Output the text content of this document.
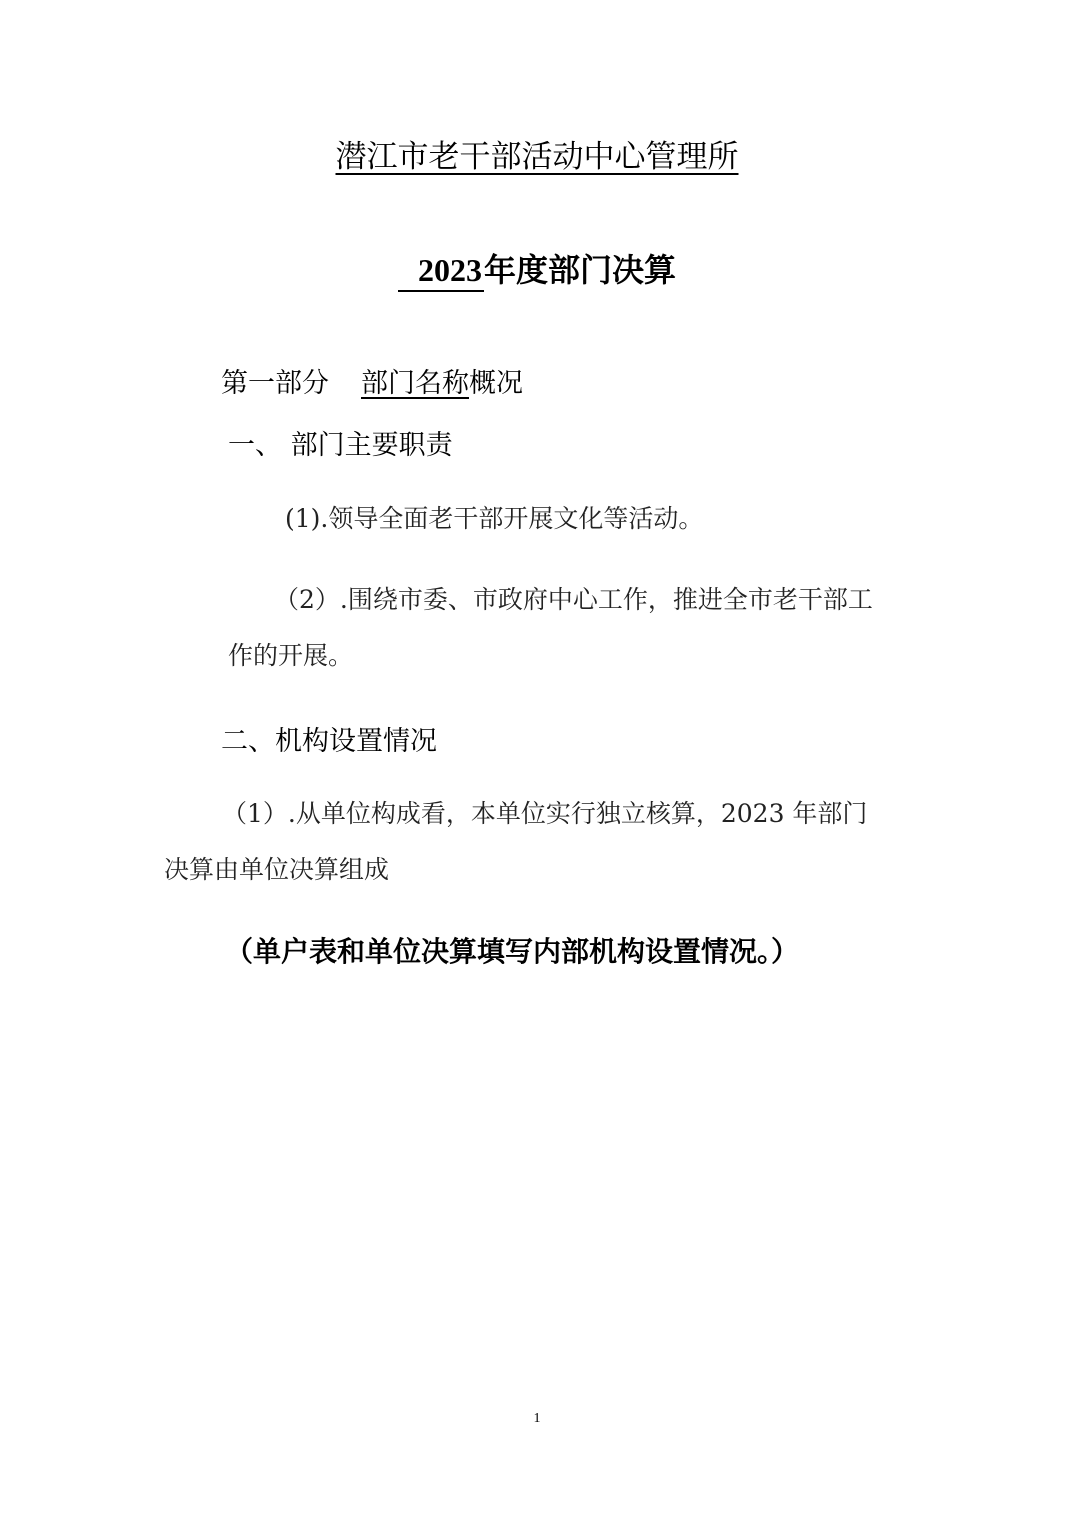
潜江市老干部活动中心管理所
2023年度部门决算
第一部分 部门名称概况
一、 部门主要职责
(1).领导全面老干部开展文化等活动。
（2）.围绕市委、市政府中心工作，推进全市老干部工
作的开展。
二、机构设置情况
（1）.从单位构成看，本单位实行独立核算，2023 年部门
决算由单位决算组成
（单户表和单位决算填写内部机构设置情况。）
1
